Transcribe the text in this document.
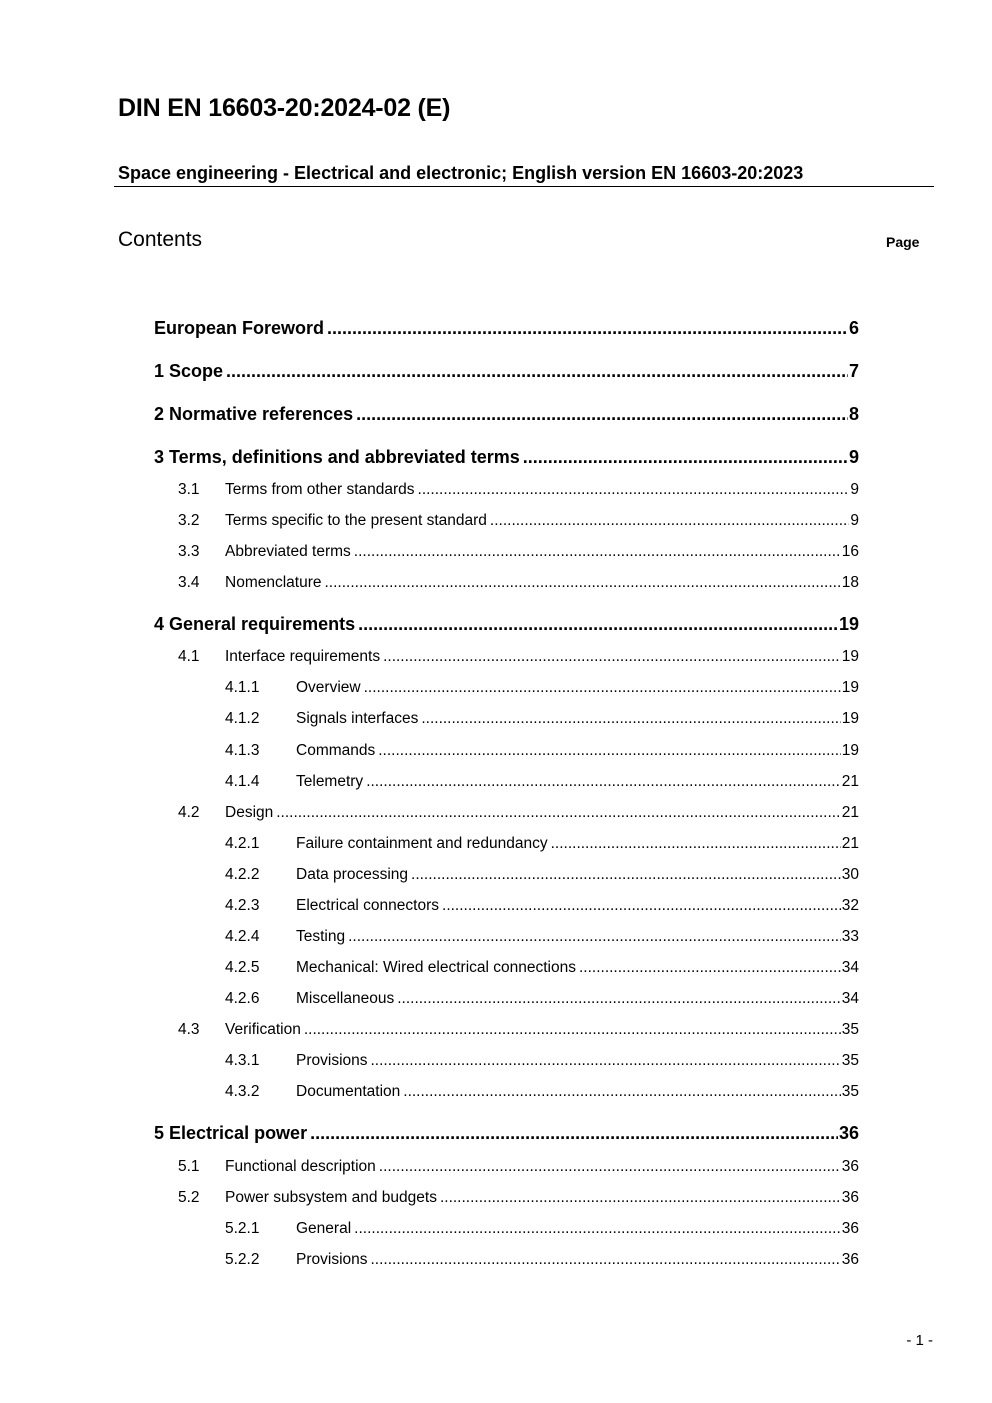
DIN EN 16603-20:2024-02 (E)
Space engineering - Electrical and electronic; English version EN 16603-20:2023
Contents	Page
European Foreword .....	6
1 Scope .....	7
2 Normative references .....	8
3 Terms, definitions and abbreviated terms .....	9
3.1	Terms from other standards .....	9
3.2	Terms specific to the present standard .....	9
3.3	Abbreviated terms .....	16
3.4	Nomenclature .....	18
4 General requirements .....	19
4.1	Interface requirements .....	19
4.1.1	Overview .....	19
4.1.2	Signals interfaces .....	19
4.1.3	Commands .....	19
4.1.4	Telemetry .....	21
4.2	Design .....	21
4.2.1	Failure containment and redundancy .....	21
4.2.2	Data processing .....	30
4.2.3	Electrical connectors .....	32
4.2.4	Testing .....	33
4.2.5	Mechanical: Wired electrical connections .....	34
4.2.6	Miscellaneous .....	34
4.3	Verification .....	35
4.3.1	Provisions .....	35
4.3.2	Documentation .....	35
5 Electrical power .....	36
5.1	Functional description .....	36
5.2	Power subsystem and budgets .....	36
5.2.1	General .....	36
5.2.2	Provisions .....	36
- 1 -
